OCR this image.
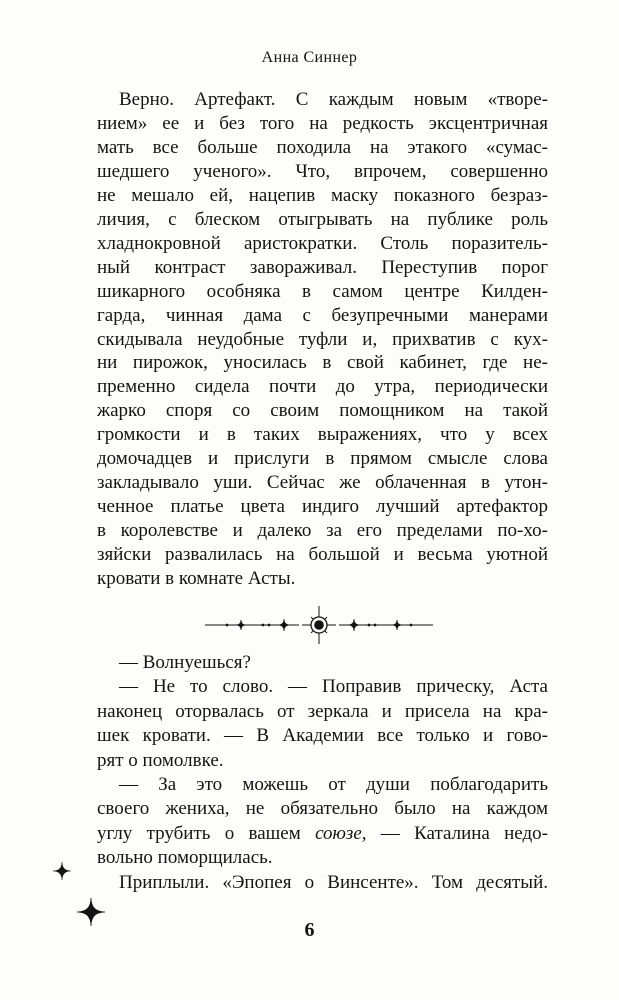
Анна Синнер
Верно. Артефакт. С каждым новым «творе-
нием» ее и без того на редкость эксцентричная
мать все больше походила на этакого «сумас-
шедшего ученого». Что, впрочем, совершенно
не мешало ей, нацепив маску показного безраз-
личия, с блеском отыгрывать на публике роль
хладнокровной аристократки. Столь поразитель-
ный контраст завораживал. Переступив порог
шикарного особняка в самом центре Килден-
гарда, чинная дама с безупречными манерами
скидывала неудобные туфли и, прихватив с кух-
ни пирожок, уносилась в свой кабинет, где не-
пременно сидела почти до утра, периодически
жарко споря со своим помощником на такой
громкости и в таких выражениях, что у всех
домочадцев и прислуги в прямом смысле слова
закладывало уши. Сейчас же облаченная в утон-
ченное платье цвета индиго лучший артефактор
в королевстве и далеко за его пределами по-хо-
зяйски развалилась на большой и весьма уютной
кровати в комнате Асты.
— Волнуешься?
— Не то слово. — Поправив прическу, Аста
наконец оторвалась от зеркала и присела на кра-
шек кровати. — В Академии все только и гово-
рят о помолвке.
— За это можешь от души поблагодарить
своего жениха, не обязательно было на каждом
углу трубить о вашем союзе, — Каталина недо-
вольно поморщилась.
Приплыли. «Эпопея о Винсенте». Том десятый.
6
